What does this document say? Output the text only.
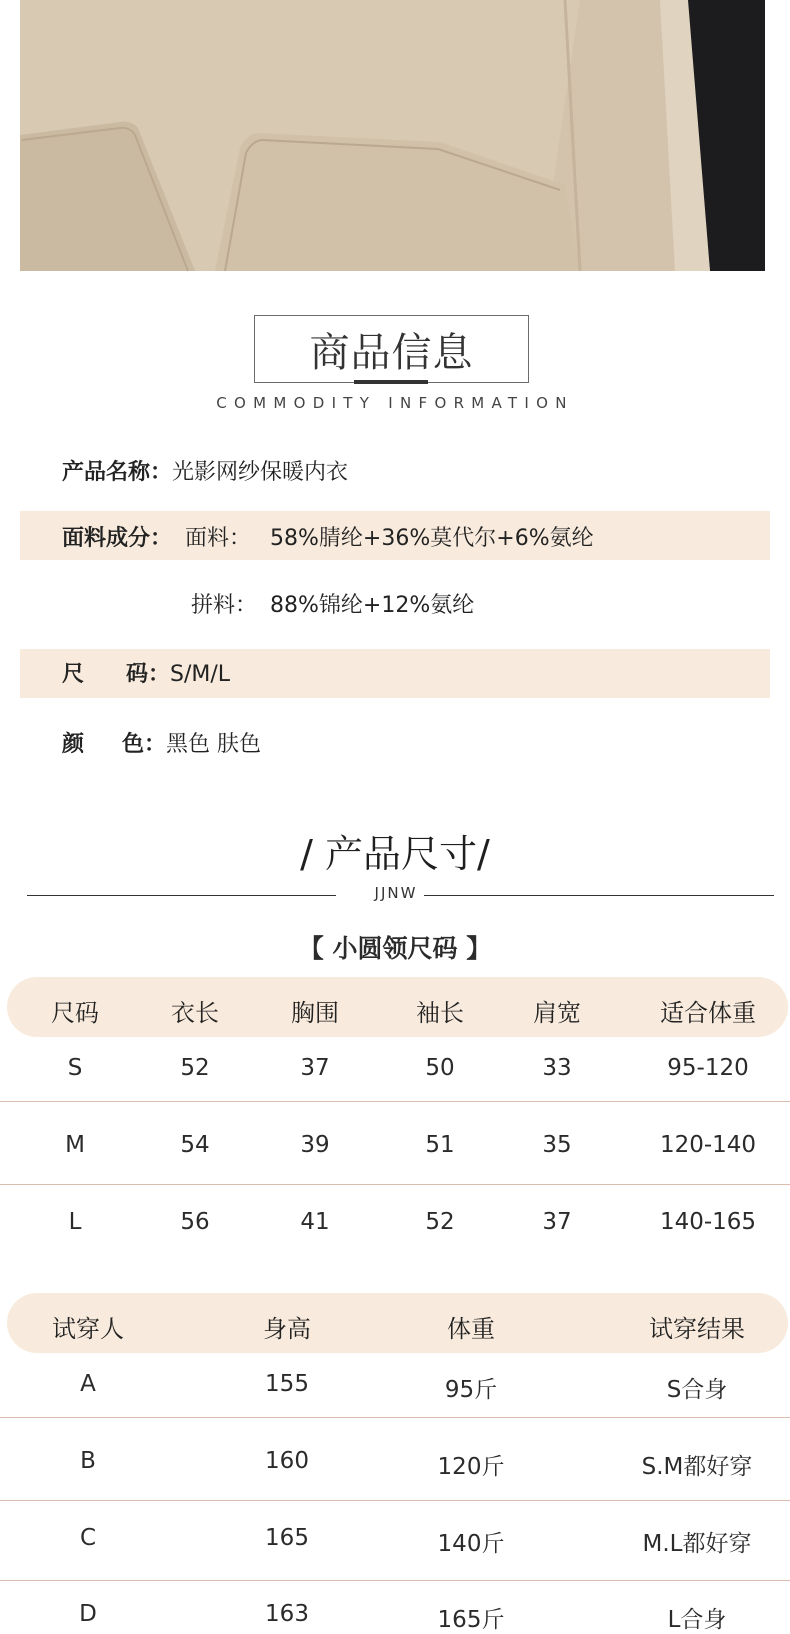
商品信息
COMMODITY INFORMATION
产品名称：光影网纱保暖内衣
面料成分： 面料： 58%腈纶+36%莫代尔+6%氨纶
拼料： 88%锦纶+12%氨纶
尺 码：S/M/L
颜 色：黑色 肤色
/ 产品尺寸/
JJNW
【 小圆领尺码 】
尺码	衣长	胸围	袖长	肩宽	适合体重
S	52	37	50	33	95-120
M	54	39	51	35	120-140
L	56	41	52	37	140-165
试穿人	身高	体重	试穿结果
A	155	95斤	S合身
B	160	120斤	S.M都好穿
C	165	140斤	M.L都好穿
D	163	165斤	L合身
